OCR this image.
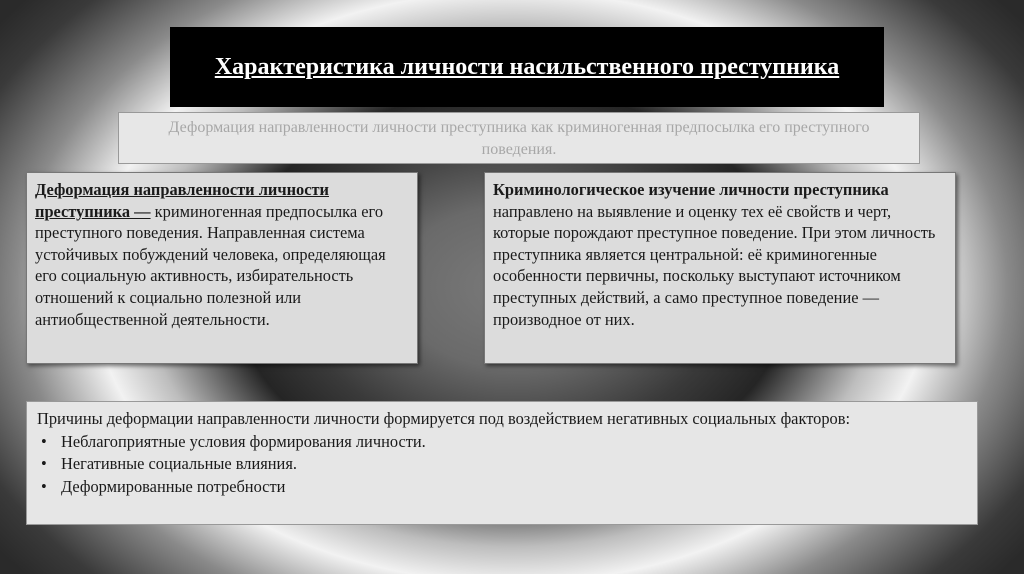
Характеристика личности насильственного преступника
Деформация направленности личности преступника как криминогенная предпосылка его преступного поведения.
Деформация направленности личности преступника — криминогенная предпосылка его преступного поведения. Направленная система устойчивых побуждений человека, определяющая его социальную активность, избирательность отношений к социально полезной или антиобщественной деятельности.
Криминологическое изучение личности преступника направлено на выявление и оценку тех её свойств и черт, которые порождают преступное поведение. При этом личность преступника является центральной: её криминогенные особенности первичны, поскольку выступают источником преступных действий, а само преступное поведение — производное от них.
Причины деформации направленности личности формируется под воздействием негативных социальных факторов:
• Неблагоприятные условия формирования личности.
• Негативные социальные влияния.
• Деформированные потребности
